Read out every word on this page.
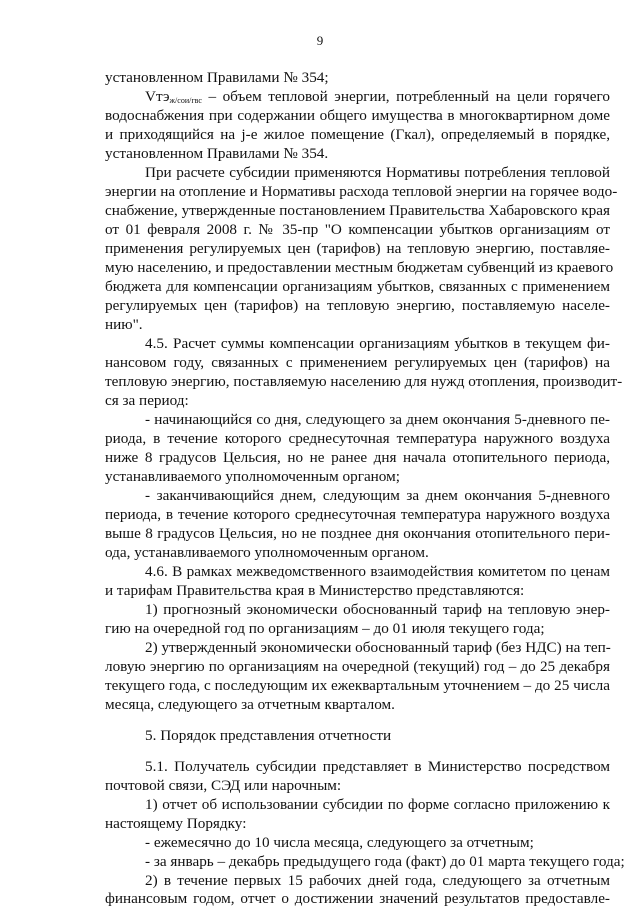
9
установленном Правилами № 354;
Vтэ$_{ж/сои/гвс}$ – объем тепловой энергии, потребленный на цели горячего
водоснабжения при содержании общего имущества в многоквартирном доме
и приходящийся на j-е жилое помещение (Гкал), определяемый в порядке,
установленном Правилами № 354.
При расчете субсидии применяются Нормативы потребления тепловой
энергии на отопление и Нормативы расхода тепловой энергии на горячее водо-
снабжение, утвержденные постановлением Правительства Хабаровского края
от 01 февраля 2008 г. № 35-пр "О компенсации убытков организациям от
применения регулируемых цен (тарифов) на тепловую энергию, поставляе-
мую населению, и предоставлении местным бюджетам субвенций из краевого
бюджета для компенсации организациям убытков, связанных с применением
регулируемых цен (тарифов) на тепловую энергию, поставляемую населе-
нию".
4.5. Расчет суммы компенсации организациям убытков в текущем фи-
нансовом году, связанных с применением регулируемых цен (тарифов) на
тепловую энергию, поставляемую населению для нужд отопления, производит-
ся за период:
- начинающийся со дня, следующего за днем окончания 5-дневного пе-
риода, в течение которого среднесуточная температура наружного воздуха
ниже 8 градусов Цельсия, но не ранее дня начала отопительного периода,
устанавливаемого уполномоченным органом;
- заканчивающийся днем, следующим за днем окончания 5-дневного
периода, в течение которого среднесуточная температура наружного воздуха
выше 8 градусов Цельсия, но не позднее дня окончания отопительного пери-
ода, устанавливаемого уполномоченным органом.
4.6. В рамках межведомственного взаимодействия комитетом по ценам
и тарифам Правительства края в Министерство представляются:
1) прогнозный экономически обоснованный тариф на тепловую энер-
гию на очередной год по организациям – до 01 июля текущего года;
2) утвержденный экономически обоснованный тариф (без НДС) на теп-
ловую энергию по организациям на очередной (текущий) год – до 25 декабря
текущего года, с последующим их ежеквартальным уточнением – до 25 числа
месяца, следующего за отчетным кварталом.
5. Порядок представления отчетности
5.1. Получатель субсидии представляет в Министерство посредством
почтовой связи, СЭД или нарочным:
1) отчет об использовании субсидии по форме согласно приложению к
настоящему Порядку:
- ежемесячно до 10 числа месяца, следующего за отчетным;
- за январь – декабрь предыдущего года (факт) до 01 марта текущего года;
2) в течение первых 15 рабочих дней года, следующего за отчетным
финансовым годом, отчет о достижении значений результатов предоставле-
